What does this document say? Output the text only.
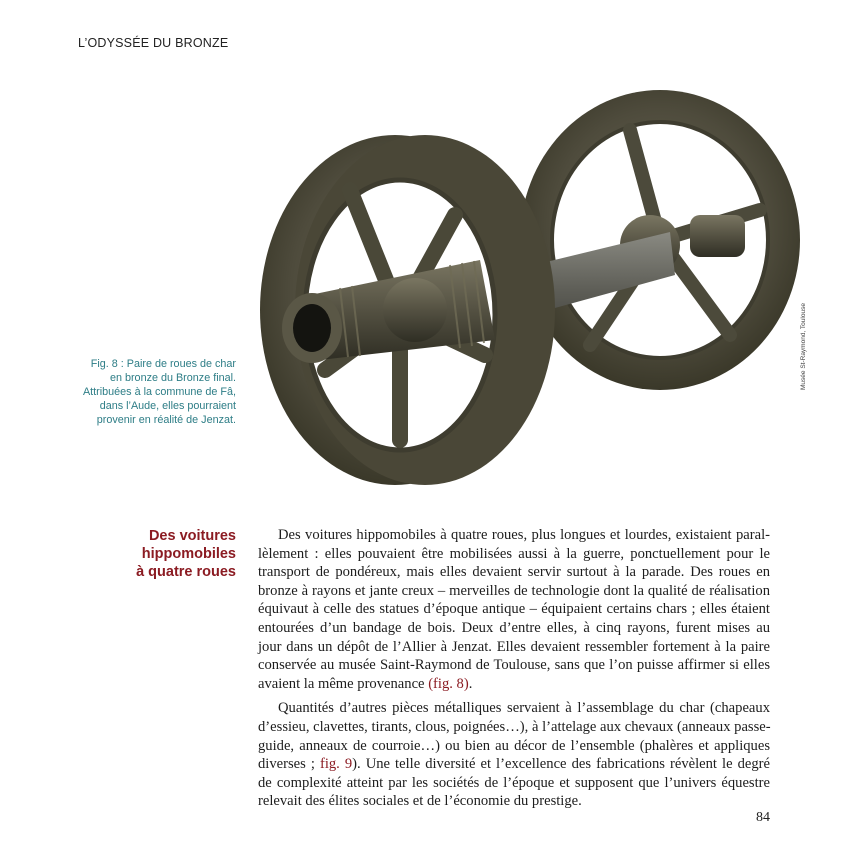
L’ODYSSÉE DU BRONZE
Musée St-Raymond, Toulouse
Fig. 8 : Paire de roues de char
en bronze du Bronze final.
Attribuées à la commune de Fâ,
dans l’Aude, elles pourraient
provenir en réalité de Jenzat.
Des voitures
hippomobiles
à quatre roues
Des voitures hippomobiles à quatre roues, plus longues et lourdes, existaient paral-
lèlement : elles pouvaient être mobilisées aussi à la guerre, ponctuellement pour le
transport de pondéreux, mais elles devaient servir surtout à la parade. Des roues en
bronze à rayons et jante creux – merveilles de technologie dont la qualité de réalisation
équivaut à celle des statues d’époque antique – équipaient certains chars ; elles étaient
entourées d’un bandage de bois. Deux d’entre elles, à cinq rayons, furent mises au
jour dans un dépôt de l’Allier à Jenzat. Elles devaient ressembler fortement à la paire
conservée au musée Saint-Raymond de Toulouse, sans que l’on puisse affirmer si elles
avaient la même provenance (fig. 8).
Quantités d’autres pièces métalliques servaient à l’assemblage du char (chapeaux
d’essieu, clavettes, tirants, clous, poignées…), à l’attelage aux chevaux (anneaux passe-
guide, anneaux de courroie…) ou bien au décor de l’ensemble (phalères et appliques
diverses ; fig. 9). Une telle diversité et l’excellence des fabrications révèlent le degré
de complexité atteint par les sociétés de l’époque et supposent que l’univers équestre
relevait des élites sociales et de l’économie du prestige.
84
